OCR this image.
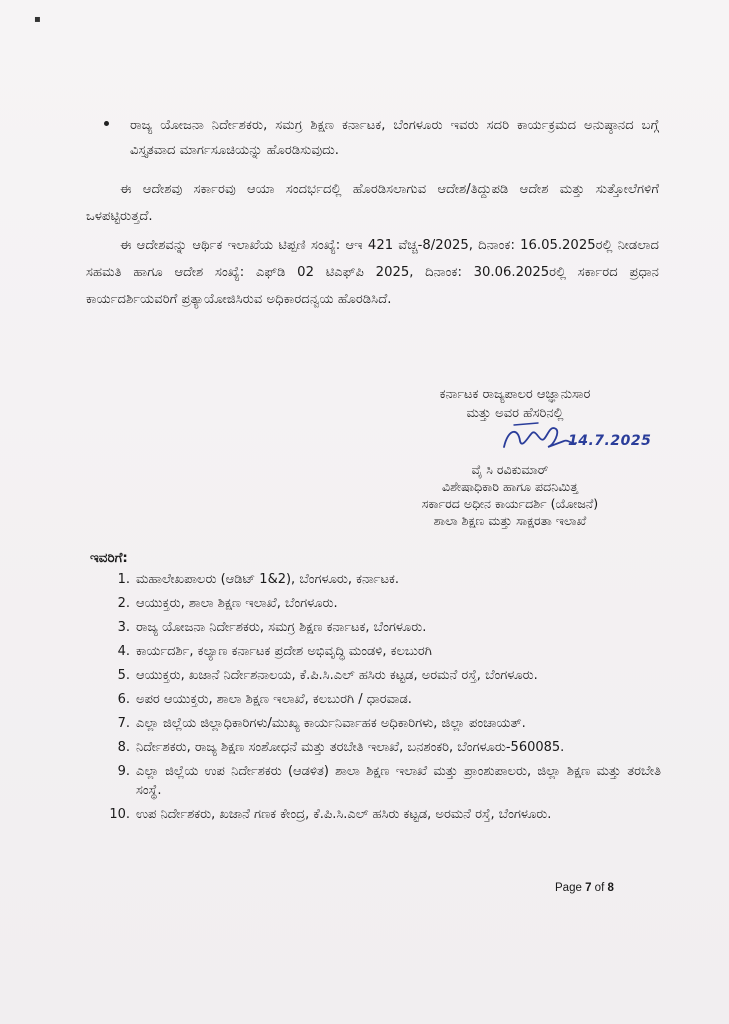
▪
ರಾಜ್ಯ ಯೋಜನಾ ನಿರ್ದೇಶಕರು, ಸಮಗ್ರ ಶಿಕ್ಷಣ ಕರ್ನಾಟಕ, ಬೆಂಗಳೂರು ಇವರು ಸದರಿ ಕಾರ್ಯಕ್ರಮದ ಅನುಷ್ಠಾನದ ಬಗ್ಗೆ ವಿಸ್ತೃತವಾದ ಮಾರ್ಗಸೂಚಿಯನ್ನು ಹೊರಡಿಸುವುದು.
ಈ ಆದೇಶವು ಸರ್ಕಾರವು ಆಯಾ ಸಂದರ್ಭದಲ್ಲಿ ಹೊರಡಿಸಲಾಗುವ ಆದೇಶ/ತಿದ್ದುಪಡಿ ಆದೇಶ ಮತ್ತು ಸುತ್ತೋಲೆಗಳಿಗೆ ಒಳಪಟ್ಟಿರುತ್ತದೆ.
ಈ ಆದೇಶವನ್ನು ಆರ್ಥಿಕ ಇಲಾಖೆಯ ಟಿಪ್ಪಣಿ ಸಂಖ್ಯೆ: ಆಇ 421 ವೆಚ್ಚ-8/2025, ದಿನಾಂಕ: 16.05.2025ರಲ್ಲಿ ನೀಡಲಾದ ಸಹಮತಿ ಹಾಗೂ ಆದೇಶ ಸಂಖ್ಯೆ: ಎಫ್‌ಡಿ 02 ಟಿಎಫ್‌ಪಿ 2025, ದಿನಾಂಕ: 30.06.2025ರಲ್ಲಿ ಸರ್ಕಾರದ ಪ್ರಧಾನ ಕಾರ್ಯದರ್ಶಿಯವರಿಗೆ ಪ್ರತ್ಯಾಯೋಜಿಸಿರುವ ಅಧಿಕಾರದನ್ವಯ ಹೊರಡಿಸಿದೆ.
ಕರ್ನಾಟಕ ರಾಜ್ಯಪಾಲರ ಆಜ್ಞಾನುಸಾರ
ಮತ್ತು ಅವರ ಹೆಸರಿನಲ್ಲಿ
14.7.2025
ವೈ ಸಿ ರವಿಕುಮಾರ್
ವಿಶೇಷಾಧಿಕಾರಿ ಹಾಗೂ ಪದನಿಮಿತ್ತ
ಸರ್ಕಾರದ ಅಧೀನ ಕಾರ್ಯದರ್ಶಿ (ಯೋಜನೆ)
ಶಾಲಾ ಶಿಕ್ಷಣ ಮತ್ತು ಸಾಕ್ಷರತಾ ಇಲಾಖೆ
ಇವರಿಗೆ:
1. ಮಹಾಲೇಖಪಾಲರು (ಆಡಿಟ್ 1&2), ಬೆಂಗಳೂರು, ಕರ್ನಾಟಕ.
2. ಆಯುಕ್ತರು, ಶಾಲಾ ಶಿಕ್ಷಣ ಇಲಾಖೆ, ಬೆಂಗಳೂರು.
3. ರಾಜ್ಯ ಯೋಜನಾ ನಿರ್ದೇಶಕರು, ಸಮಗ್ರ ಶಿಕ್ಷಣ ಕರ್ನಾಟಕ, ಬೆಂಗಳೂರು.
4. ಕಾರ್ಯದರ್ಶಿ, ಕಲ್ಯಾಣ ಕರ್ನಾಟಕ ಪ್ರದೇಶ ಅಭಿವೃದ್ಧಿ ಮಂಡಳಿ, ಕಲಬುರಗಿ
5. ಆಯುಕ್ತರು, ಖಜಾನೆ ನಿರ್ದೇಶನಾಲಯ, ಕೆ.ಪಿ.ಸಿ.ಎಲ್ ಹಸಿರು ಕಟ್ಟಡ, ಅರಮನೆ ರಸ್ತೆ, ಬೆಂಗಳೂರು.
6. ಅಪರ ಆಯುಕ್ತರು, ಶಾಲಾ ಶಿಕ್ಷಣ ಇಲಾಖೆ, ಕಲಬುರಗಿ / ಧಾರವಾಡ.
7. ಎಲ್ಲಾ ಜಿಲ್ಲೆಯ ಜಿಲ್ಲಾಧಿಕಾರಿಗಳು/ಮುಖ್ಯ ಕಾರ್ಯನಿರ್ವಾಹಕ ಅಧಿಕಾರಿಗಳು, ಜಿಲ್ಲಾ ಪಂಚಾಯತ್.
8. ನಿರ್ದೇಶಕರು, ರಾಜ್ಯ ಶಿಕ್ಷಣ ಸಂಶೋಧನೆ ಮತ್ತು ತರಬೇತಿ ಇಲಾಖೆ, ಬನಶಂಕರಿ, ಬೆಂಗಳೂರು-560085.
9. ಎಲ್ಲಾ ಜಿಲ್ಲೆಯ ಉಪ ನಿರ್ದೇಶಕರು (ಆಡಳಿತ) ಶಾಲಾ ಶಿಕ್ಷಣ ಇಲಾಖೆ ಮತ್ತು ಪ್ರಾಂಶುಪಾಲರು, ಜಿಲ್ಲಾ ಶಿಕ್ಷಣ ಮತ್ತು ತರಬೇತಿ ಸಂಸ್ಥೆ.
10. ಉಪ ನಿರ್ದೇಶಕರು, ಖಜಾನೆ ಗಣಕ ಕೇಂದ್ರ, ಕೆ.ಪಿ.ಸಿ.ಎಲ್ ಹಸಿರು ಕಟ್ಟಡ, ಅರಮನೆ ರಸ್ತೆ, ಬೆಂಗಳೂರು.
Page 7 of 8
